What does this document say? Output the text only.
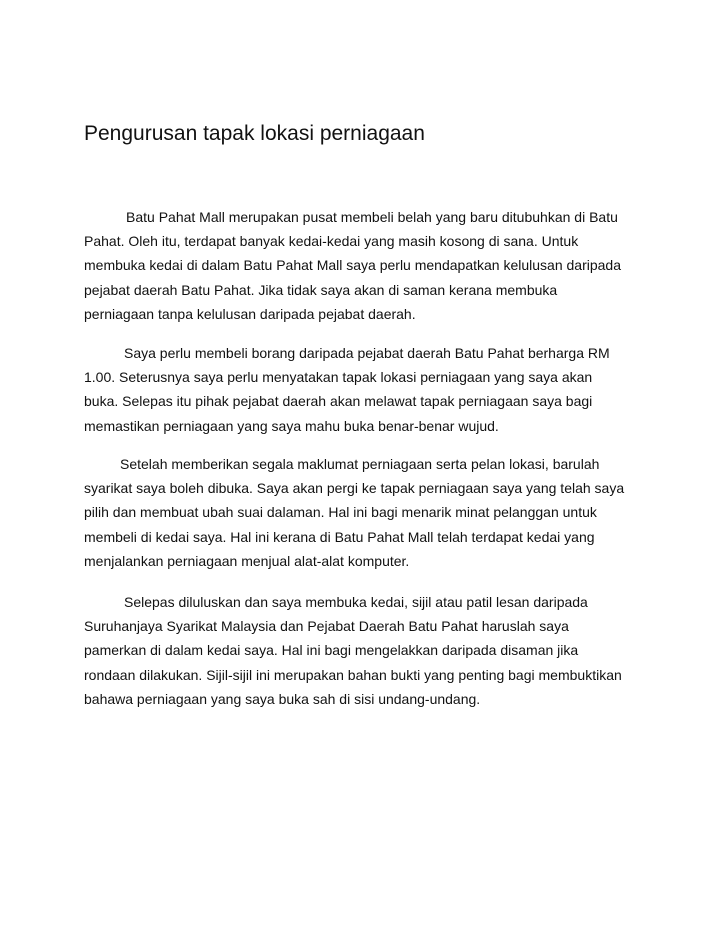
Pengurusan tapak lokasi perniagaan

Batu Pahat Mall merupakan pusat membeli belah yang baru ditubuhkan di Batu
Pahat. Oleh itu, terdapat banyak kedai-kedai yang masih kosong di sana. Untuk
membuka kedai di dalam Batu Pahat Mall saya perlu mendapatkan kelulusan daripada
pejabat daerah Batu Pahat. Jika tidak saya akan di saman kerana membuka
perniagaan tanpa kelulusan daripada pejabat daerah.

Saya perlu membeli borang daripada pejabat daerah Batu Pahat berharga RM
1.00. Seterusnya saya perlu menyatakan tapak lokasi perniagaan yang saya akan
buka. Selepas itu pihak pejabat daerah akan melawat tapak perniagaan saya bagi
memastikan perniagaan yang saya mahu buka benar-benar wujud.

Setelah memberikan segala maklumat perniagaan serta pelan lokasi, barulah
syarikat saya boleh dibuka. Saya akan pergi ke tapak perniagaan saya yang telah saya
pilih dan membuat ubah suai dalaman. Hal ini bagi menarik minat pelanggan untuk
membeli di kedai saya. Hal ini kerana di Batu Pahat Mall telah terdapat kedai yang
menjalankan perniagaan menjual alat-alat komputer.

Selepas diluluskan dan saya membuka kedai, sijil atau patil lesan daripada
Suruhanjaya Syarikat Malaysia dan Pejabat Daerah Batu Pahat haruslah saya
pamerkan di dalam kedai saya. Hal ini bagi mengelakkan daripada disaman jika
rondaan dilakukan. Sijil-sijil ini merupakan bahan bukti yang penting bagi membuktikan
bahawa perniagaan yang saya buka sah di sisi undang-undang.
